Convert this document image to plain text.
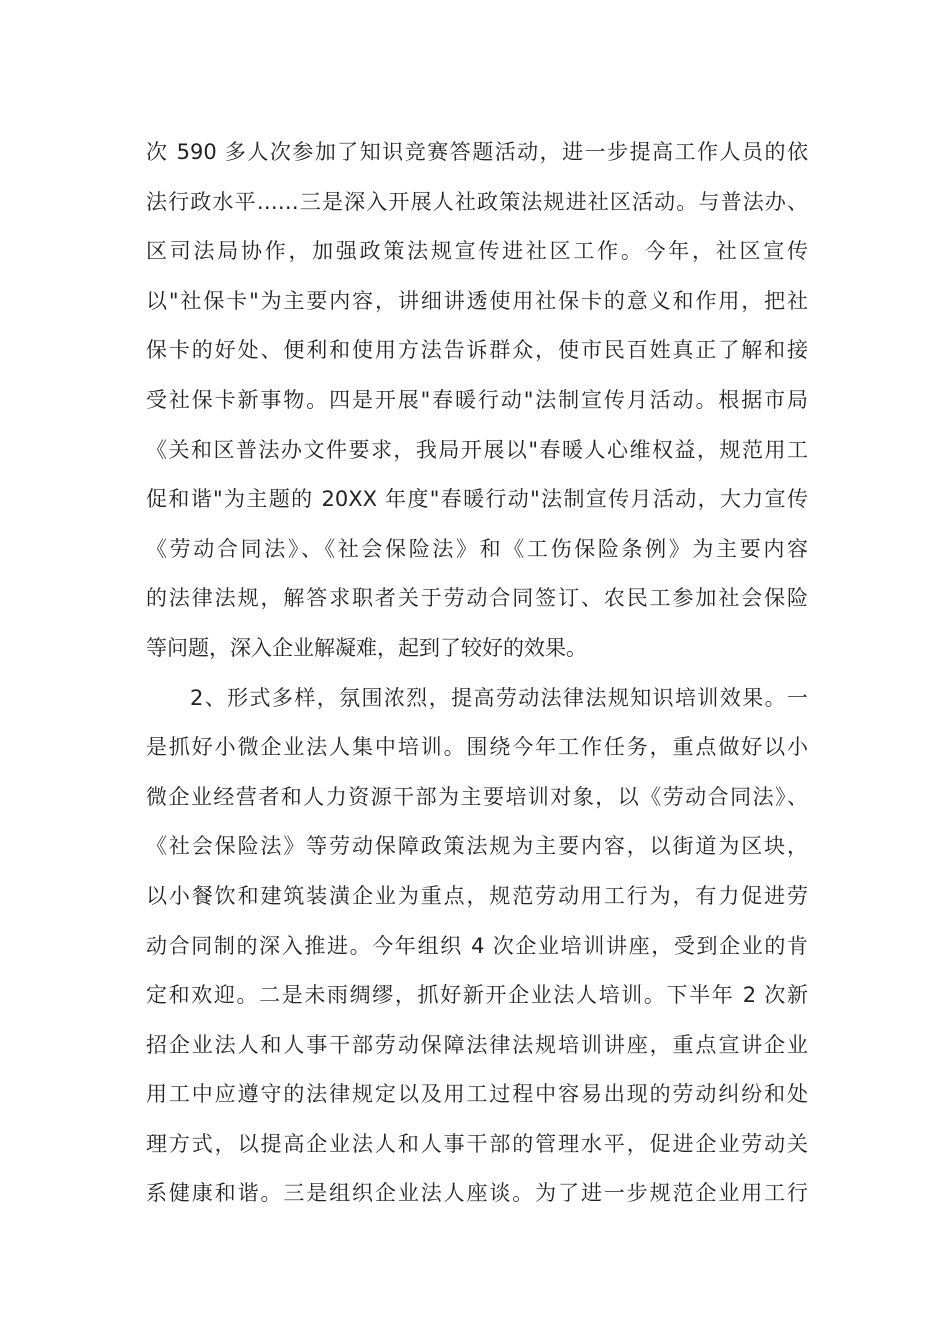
次 590 多人次参加了知识竞赛答题活动，进一步提高工作人员的依
法行政水平……三是深入开展人社政策法规进社区活动。与普法办、
区司法局协作，加强政策法规宣传进社区工作。今年，社区宣传
以"社保卡"为主要内容，讲细讲透使用社保卡的意义和作用，把社
保卡的好处、便利和使用方法告诉群众，使市民百姓真正了解和接
受社保卡新事物。四是开展"春暖行动"法制宣传月活动。根据市局
《关和区普法办文件要求，我局开展以"春暖人心维权益，规范用工
促和谐"为主题的 20XX 年度"春暖行动"法制宣传月活动，大力宣传
《劳动合同法》、《社会保险法》和《工伤保险条例》为主要内容
的法律法规，解答求职者关于劳动合同签订、农民工参加社会保险
等问题，深入企业解凝难，起到了较好的效果。
2、形式多样，氛围浓烈，提高劳动法律法规知识培训效果。一
是抓好小微企业法人集中培训。围绕今年工作任务，重点做好以小
微企业经营者和人力资源干部为主要培训对象，以《劳动合同法》、
《社会保险法》等劳动保障政策法规为主要内容，以街道为区块，
以小餐饮和建筑装潢企业为重点，规范劳动用工行为，有力促进劳
动合同制的深入推进。今年组织 4 次企业培训讲座，受到企业的肯
定和欢迎。二是未雨绸缪，抓好新开企业法人培训。下半年 2 次新
招企业法人和人事干部劳动保障法律法规培训讲座，重点宣讲企业
用工中应遵守的法律规定以及用工过程中容易出现的劳动纠纷和处
理方式，以提高企业法人和人事干部的管理水平，促进企业劳动关
系健康和谐。三是组织企业法人座谈。为了进一步规范企业用工行
